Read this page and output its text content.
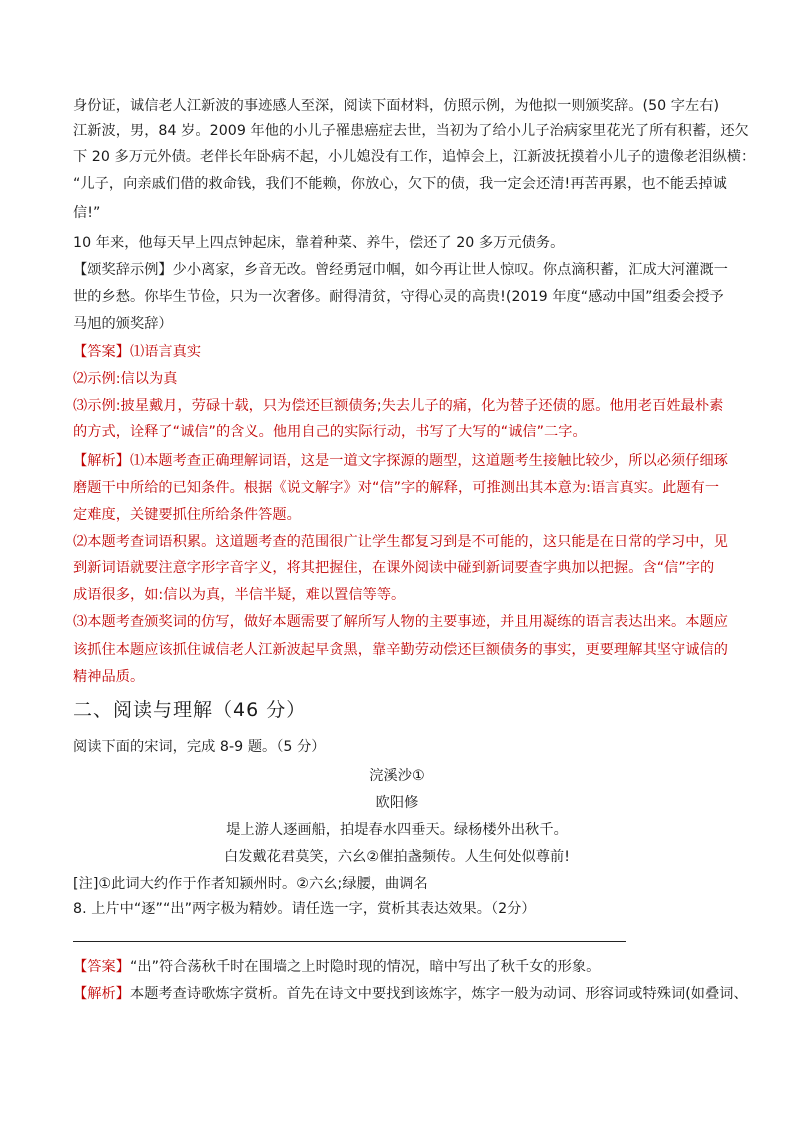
身份证，诚信老人江新波的事迹感人至深，阅读下面材料，仿照示例，为他拟一则颁奖辞。(50 字左右)
江新波，男，84 岁。2009 年他的小儿子罹患癌症去世，当初为了给小儿子治病家里花光了所有积蓄，还欠
下 20 多万元外债。老伴长年卧病不起，小儿媳没有工作，追悼会上，江新波抚摸着小儿子的遗像老泪纵横：
“儿子，向亲戚们借的救命钱，我们不能赖，你放心，欠下的债，我一定会还清!再苦再累，也不能丢掉诚
信!”
10 年来，他每天早上四点钟起床，靠着种菜、养牛，偿还了 20 多万元债务。
【颂奖辞示例】少小离家，乡音无改。曾经勇冠巾帼，如今再让世人惊叹。你点滴积蓄，汇成大河灌溉一
世的乡愁。你毕生节俭，只为一次奢侈。耐得清贫，守得心灵的高贵!(2019 年度“感动中国”组委会授予
马旭的颁奖辞）
【答案】⑴语言真实
⑵示例:信以为真
⑶示例:披星戴月，劳碌十载，只为偿还巨额债务;失去儿子的痛，化为替子还债的愿。他用老百姓最朴素
的方式，诠释了“诚信”的含义。他用自己的实际行动，书写了大写的“诚信”二字。
【解析】⑴本题考查正确理解词语，这是一道文字探源的题型，这道题考生接触比较少，所以必须仔细琢
磨题干中所给的已知条件。根据《说文解字》对“信”字的解释，可推测出其本意为:语言真实。此题有一
定难度，关键要抓住所给条件答题。
⑵本题考查词语积累。这道题考查的范围很广让学生都复习到是不可能的，这只能是在日常的学习中，见
到新词语就要注意字形字音字义，将其把握住，在课外阅读中碰到新词要查字典加以把握。含“信”字的
成语很多，如:信以为真，半信半疑，难以置信等等。
⑶本题考查颁奖词的仿写，做好本题需要了解所写人物的主要事迹，并且用凝练的语言表达出来。本题应
该抓住本题应该抓住诚信老人江新波起早贪黑，靠辛勤劳动偿还巨额债务的事实，更要理解其坚守诚信的
精神品质。
二、阅读与理解（46 分）
阅读下面的宋词，完成 8-9 题。（5 分）
浣溪沙①
欧阳修
堤上游人逐画船，拍堤春水四垂天。绿杨楼外出秋千。
白发戴花君莫笑，六幺②催拍盏频传。人生何处似尊前!
[注]①此词大约作于作者知颍州时。②六幺;绿腰，曲调名
8. 上片中“逐”“出”两字极为精妙。请任选一字，赏析其表达效果。（2分）
【答案】“出”符合荡秋千时在围墙之上时隐时现的情况，暗中写出了秋千女的形象。
【解析】本题考查诗歌炼字赏析。首先在诗文中要找到该炼字，炼字一般为动词、形容词或特殊词(如叠词、
